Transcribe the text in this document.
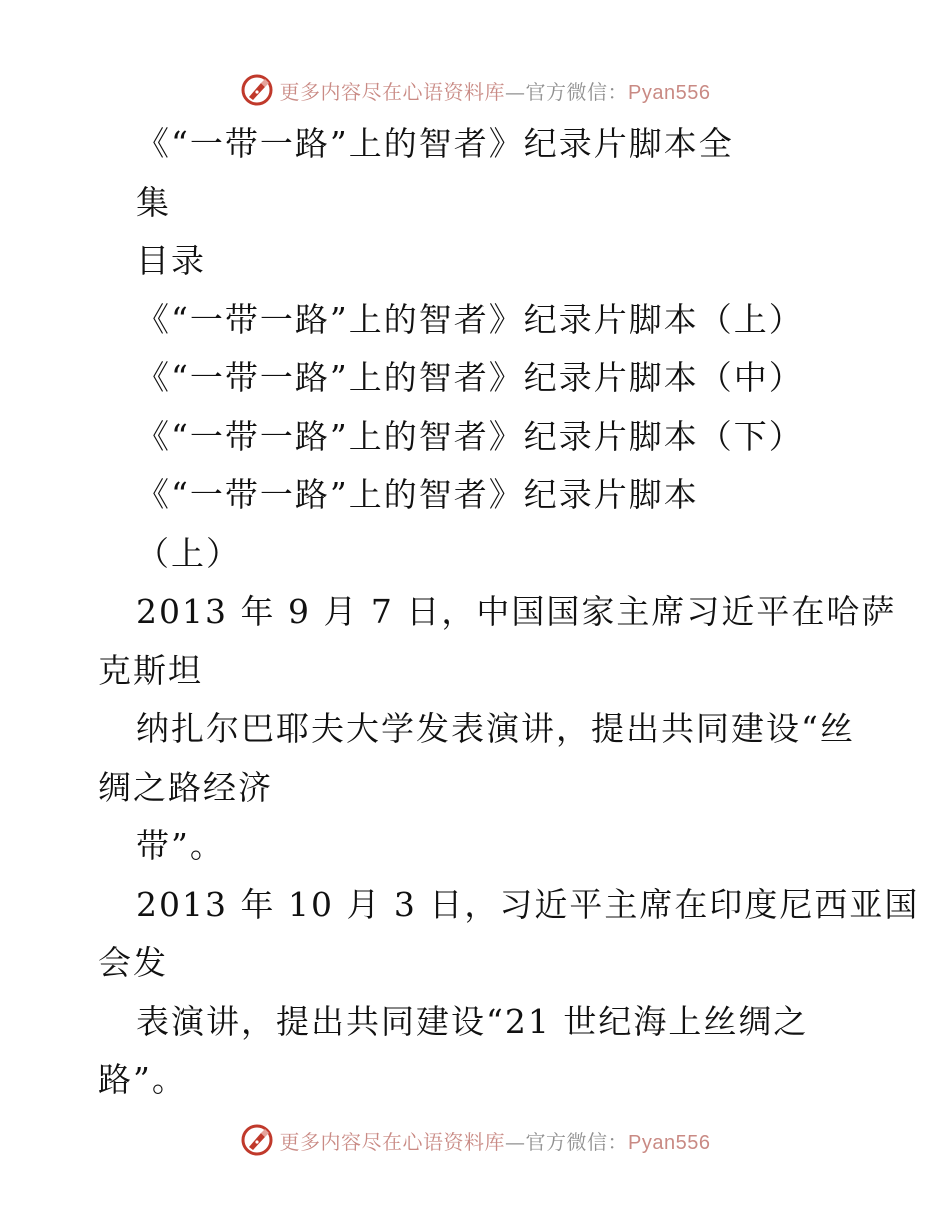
更多内容尽在心语资料库—官方微信：Pyan556
《“一带一路”上的智者》纪录片脚本全
集
目录
《“一带一路”上的智者》纪录片脚本（上）
《“一带一路”上的智者》纪录片脚本（中）
《“一带一路”上的智者》纪录片脚本（下）
《“一带一路”上的智者》纪录片脚本
（上）
2013 年 9 月 7 日，中国国家主席习近平在哈萨
克斯坦
纳扎尔巴耶夫大学发表演讲，提出共同建设“丝
绸之路经济
带”。
2013 年 10 月 3 日，习近平主席在印度尼西亚国
会发
表演讲，提出共同建设“21 世纪海上丝绸之
路”。
更多内容尽在心语资料库—官方微信：Pyan556
